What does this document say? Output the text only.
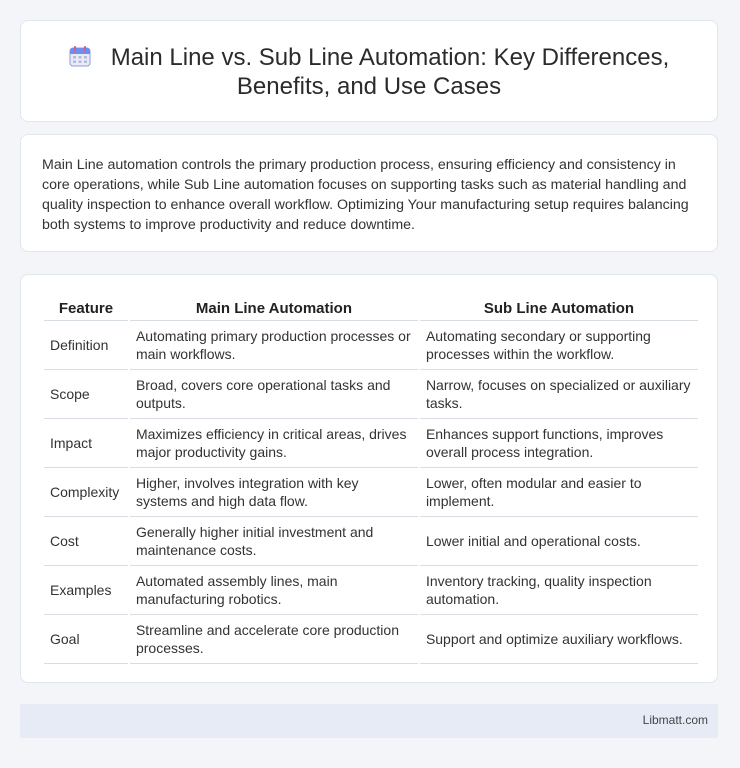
Main Line vs. Sub Line Automation: Key Differences,
Benefits, and Use Cases

Main Line automation controls the primary production process, ensuring efficiency and consistency in core operations, while Sub Line automation focuses on supporting tasks such as material handling and quality inspection to enhance overall workflow. Optimizing Your manufacturing setup requires balancing both systems to improve productivity and reduce downtime.

Feature	Main Line Automation	Sub Line Automation
Definition	Automating primary production processes or main workflows.	Automating secondary or supporting processes within the workflow.
Scope	Broad, covers core operational tasks and outputs.	Narrow, focuses on specialized or auxiliary tasks.
Impact	Maximizes efficiency in critical areas, drives major productivity gains.	Enhances support functions, improves overall process integration.
Complexity	Higher, involves integration with key systems and high data flow.	Lower, often modular and easier to implement.
Cost	Generally higher initial investment and maintenance costs.	Lower initial and operational costs.
Examples	Automated assembly lines, main manufacturing robotics.	Inventory tracking, quality inspection automation.
Goal	Streamline and accelerate core production processes.	Support and optimize auxiliary workflows.
Libmatt.com
